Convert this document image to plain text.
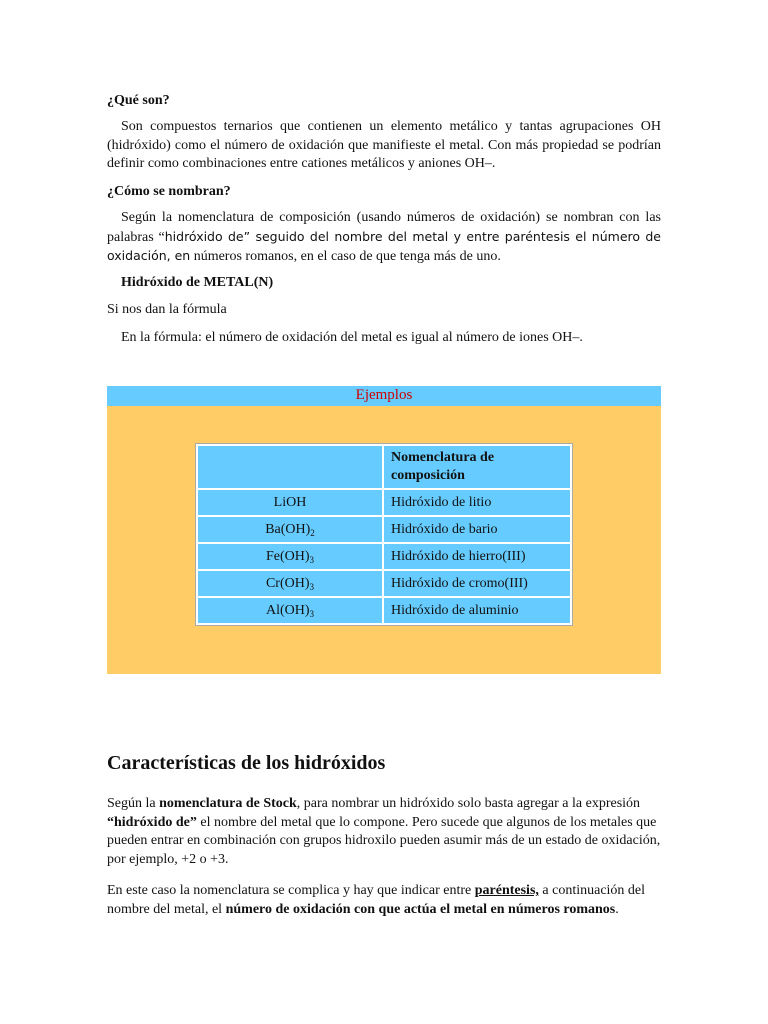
¿Qué son?

Son compuestos ternarios que contienen un elemento metálico y tantas agrupaciones OH (hidróxido) como el número de oxidación que manifieste el metal. Con más propiedad se podrían definir como combinaciones entre cationes metálicos y aniones OH–.

¿Cómo se nombran?

Según la nomenclatura de composición (usando números de oxidación) se nombran con las palabras “hidróxido de” seguido del nombre del metal y entre paréntesis el número de oxidación, en números romanos, en el caso de que tenga más de uno.

Hidróxido de METAL(N)

Si nos dan la fórmula

En la fórmula: el número de oxidación del metal es igual al número de iones OH–.

Ejemplos
	Nomenclatura de composición
LiOH	Hidróxido de litio
$Ba(OH)_2$	Hidróxido de bario
$Fe(OH)_3$	Hidróxido de hierro(III)
$Cr(OH)_3$	Hidróxido de cromo(III)
$Al(OH)_3$	Hidróxido de aluminio
Características de los hidróxidos

Según la nomenclatura de Stock, para nombrar un hidróxido solo basta agregar a la expresión “hidróxido de” el nombre del metal que lo compone. Pero sucede que algunos de los metales que pueden entrar en combinación con grupos hidroxilo pueden asumir más de un estado de oxidación, por ejemplo, +2 o +3.

En este caso la nomenclatura se complica y hay que indicar entre paréntesis, a continuación del nombre del metal, el número de oxidación con que actúa el metal en números romanos.
